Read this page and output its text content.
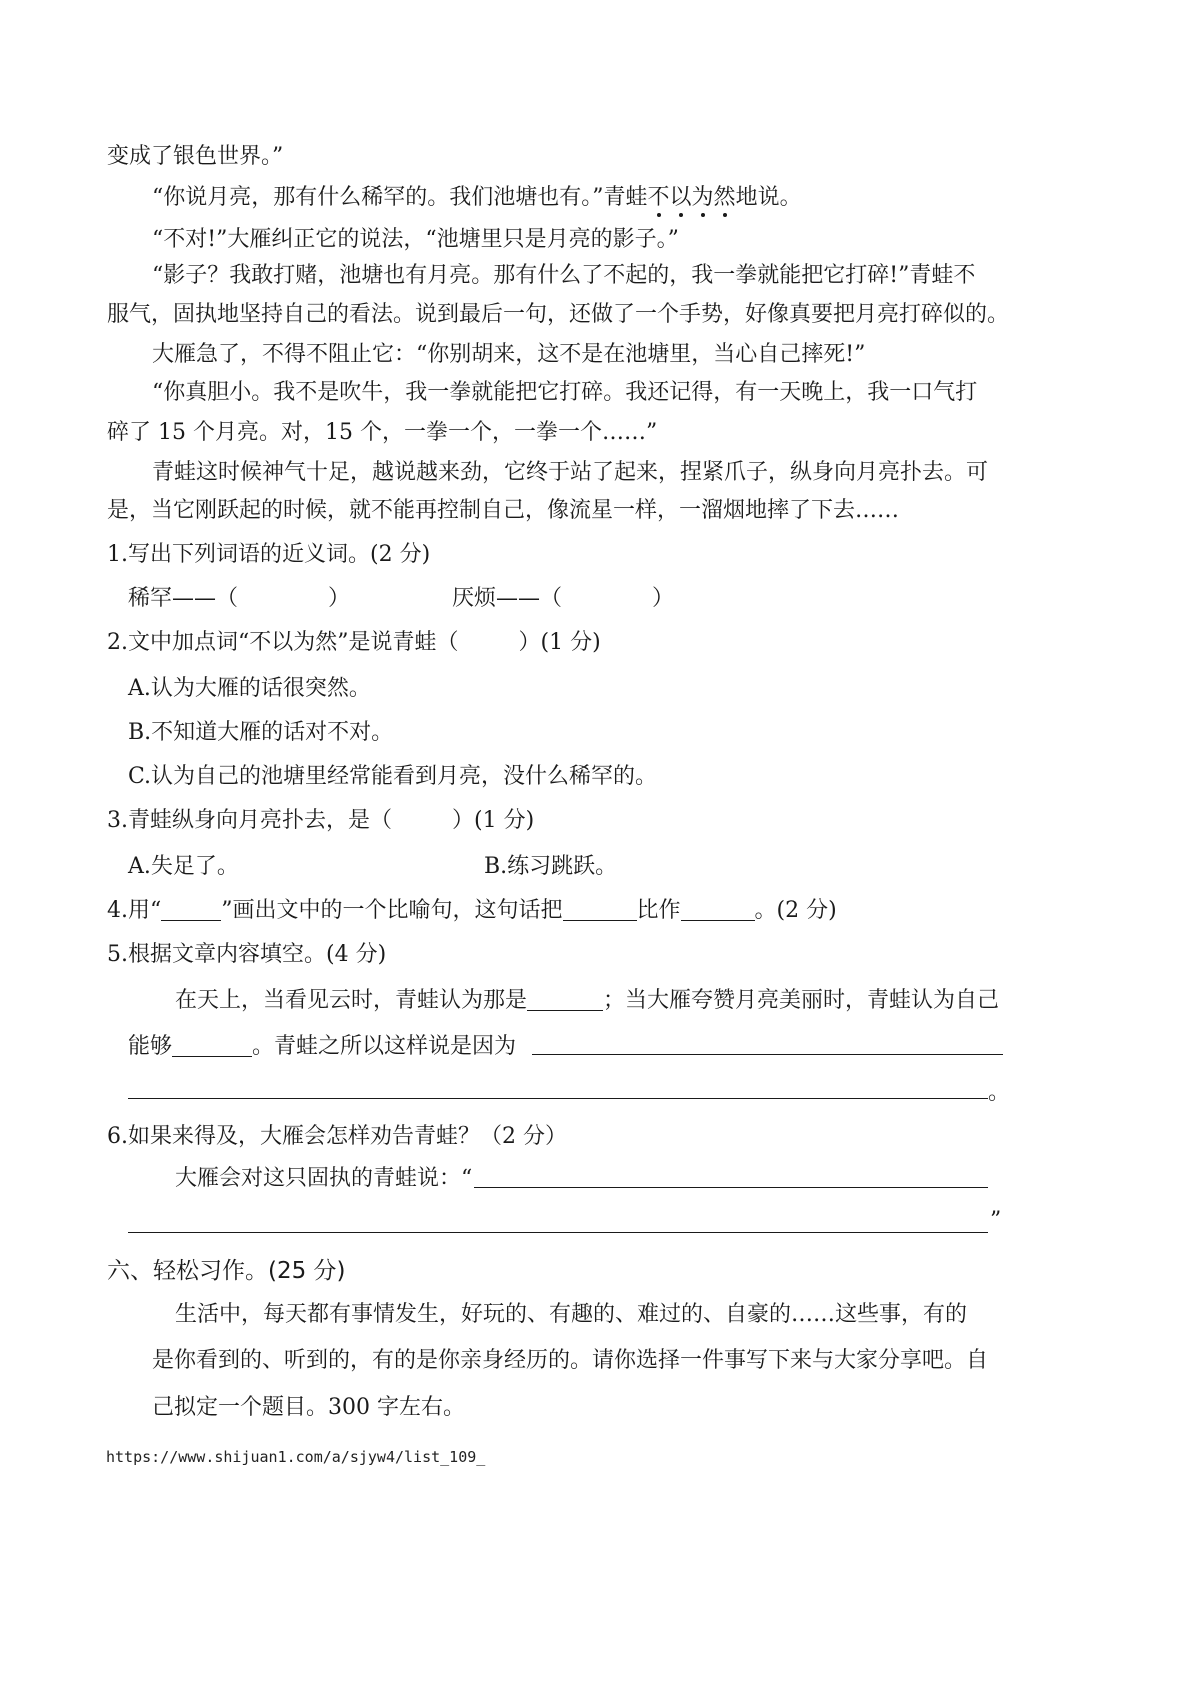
变成了银色世界。”
“你说月亮，那有什么稀罕的。我们池塘也有。”青蛙不以为然地说。
“不对!”大雁纠正它的说法，“池塘里只是月亮的影子。”
“影子？我敢打赌，池塘也有月亮。那有什么了不起的，我一拳就能把它打碎!”青蛙不
服气，固执地坚持自己的看法。说到最后一句，还做了一个手势，好像真要把月亮打碎似的。
大雁急了，不得不阻止它：“你别胡来，这不是在池塘里，当心自己摔死!”
“你真胆小。我不是吹牛，我一拳就能把它打碎。我还记得，有一天晚上，我一口气打
碎了 15 个月亮。对，15 个，一拳一个，一拳一个……”
青蛙这时候神气十足，越说越来劲，它终于站了起来，捏紧爪子，纵身向月亮扑去。可
是，当它刚跃起的时候，就不能再控制自己，像流星一样，一溜烟地摔了下去……
1.写出下列词语的近义词。(2 分)
稀罕——（	）	厌烦——（	）
2.文中加点词“不以为然”是说青蛙（	）(1 分)
A.认为大雁的话很突然。
B.不知道大雁的话对不对。
C.认为自己的池塘里经常能看到月亮，没什么稀罕的。
3.青蛙纵身向月亮扑去，是（	）(1 分)
A.失足了。	B.练习跳跃。
4.用“	”画出文中的一个比喻句，这句话把	比作	。(2 分)
5.根据文章内容填空。(4 分)
在天上，当看见云时，青蛙认为那是	；当大雁夸赞月亮美丽时，青蛙认为自己
能够	。青蛙之所以这样说是因为
。
6.如果来得及，大雁会怎样劝告青蛙？（2 分）
大雁会对这只固执的青蛙说：“
”
六、轻松习作。(25 分)
生活中，每天都有事情发生，好玩的、有趣的、难过的、自豪的……这些事，有的
是你看到的、听到的，有的是你亲身经历的。请你选择一件事写下来与大家分享吧。自
己拟定一个题目。300 字左右。
https://www.shijuan1.com/a/sjyw4/list_109_
